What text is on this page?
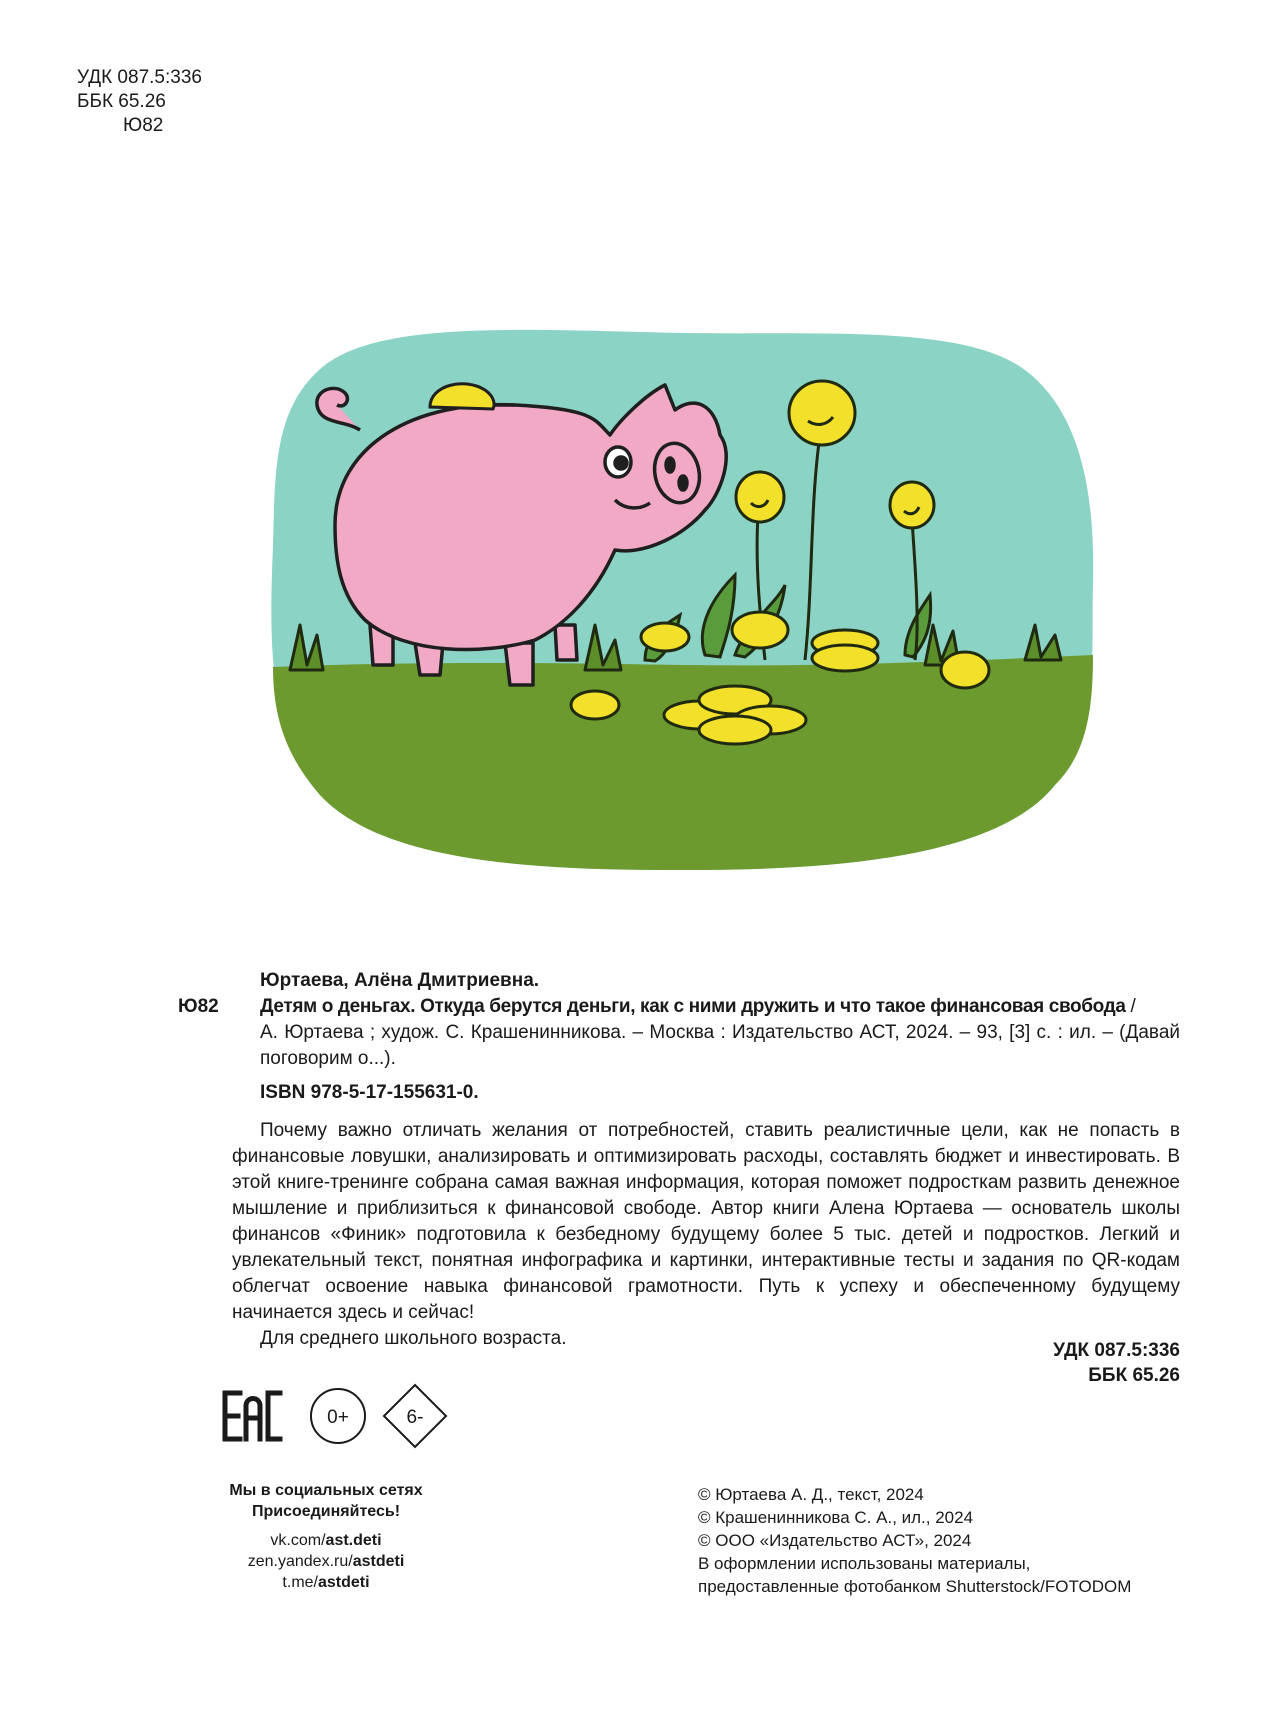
УДК 087.5:336
ББК 65.26
Ю82
Юртаева, Алёна Дмитриевна.
Ю82	Детям о деньгах. Откуда берутся деньги, как с ними дружить и что такое финансовая свобода /
А. Юртаева ; худож. С. Крашенинникова. – Москва : Издательство АСТ, 2024. – 93, [3] с. : ил. – (Давай поговорим о...).
ISBN 978-5-17-155631-0.

Почему важно отличать желания от потребностей, ставить реалистичные цели, как не попасть в финансовые ловушки, анализировать и оптимизировать расходы, составлять бюджет и инвестировать. В этой книге-тренинге собрана самая важная информация, которая поможет подросткам развить денежное мышление и приблизиться к финансовой свободе. Автор книги Алена Юртаева — основатель школы финансов «Финик» подготовила к безбедному будущему более 5 тыс. детей и подростков. Легкий и увлекательный текст, понятная инфографика и картинки, интерактивные тесты и задания по QR-кодам облегчат освоение навыка финансовой грамотности. Путь к успеху и обеспеченному будущему начинается здесь и сейчас!

Для среднего школьного возраста.

УДК 087.5:336
ББК 65.26
0+	6-
Мы в социальных сетях
Присоединяйтесь!
vk.com/ast.deti
zen.yandex.ru/astdeti
t.me/astdeti
© Юртаева А. Д., текст, 2024
© Крашенинникова С. А., ил., 2024
© ООО «Издательство АСТ», 2024
В оформлении использованы материалы,
предоставленные фотобанком Shutterstock/FOTODOM
